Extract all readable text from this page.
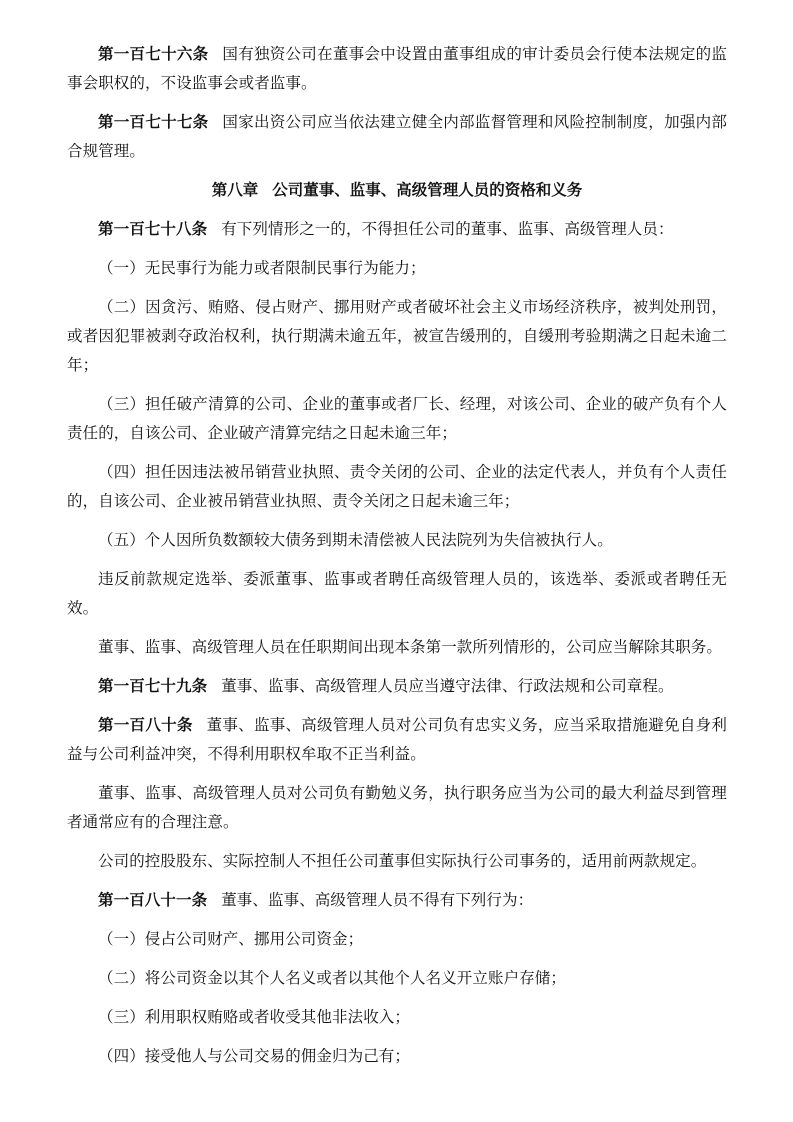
第一百七十六条 国有独资公司在董事会中设置由董事组成的审计委员会行使本法规定的监事会职权的，不设监事会或者监事。

第一百七十七条 国家出资公司应当依法建立健全内部监督管理和风险控制制度，加强内部合规管理。

第八章 公司董事、监事、高级管理人员的资格和义务

第一百七十八条 有下列情形之一的，不得担任公司的董事、监事、高级管理人员：

（一）无民事行为能力或者限制民事行为能力；

（二）因贪污、贿赂、侵占财产、挪用财产或者破坏社会主义市场经济秩序，被判处刑罚，或者因犯罪被剥夺政治权利，执行期满未逾五年，被宣告缓刑的，自缓刑考验期满之日起未逾二年；

（三）担任破产清算的公司、企业的董事或者厂长、经理，对该公司、企业的破产负有个人责任的，自该公司、企业破产清算完结之日起未逾三年；

（四）担任因违法被吊销营业执照、责令关闭的公司、企业的法定代表人，并负有个人责任的，自该公司、企业被吊销营业执照、责令关闭之日起未逾三年；

（五）个人因所负数额较大债务到期未清偿被人民法院列为失信被执行人。

违反前款规定选举、委派董事、监事或者聘任高级管理人员的，该选举、委派或者聘任无效。

董事、监事、高级管理人员在任职期间出现本条第一款所列情形的，公司应当解除其职务。

第一百七十九条 董事、监事、高级管理人员应当遵守法律、行政法规和公司章程。

第一百八十条 董事、监事、高级管理人员对公司负有忠实义务，应当采取措施避免自身利益与公司利益冲突，不得利用职权牟取不正当利益。

董事、监事、高级管理人员对公司负有勤勉义务，执行职务应当为公司的最大利益尽到管理者通常应有的合理注意。

公司的控股股东、实际控制人不担任公司董事但实际执行公司事务的，适用前两款规定。

第一百八十一条 董事、监事、高级管理人员不得有下列行为：

（一）侵占公司财产、挪用公司资金；

（二）将公司资金以其个人名义或者以其他个人名义开立账户存储；

（三）利用职权贿赂或者收受其他非法收入；

（四）接受他人与公司交易的佣金归为己有；
